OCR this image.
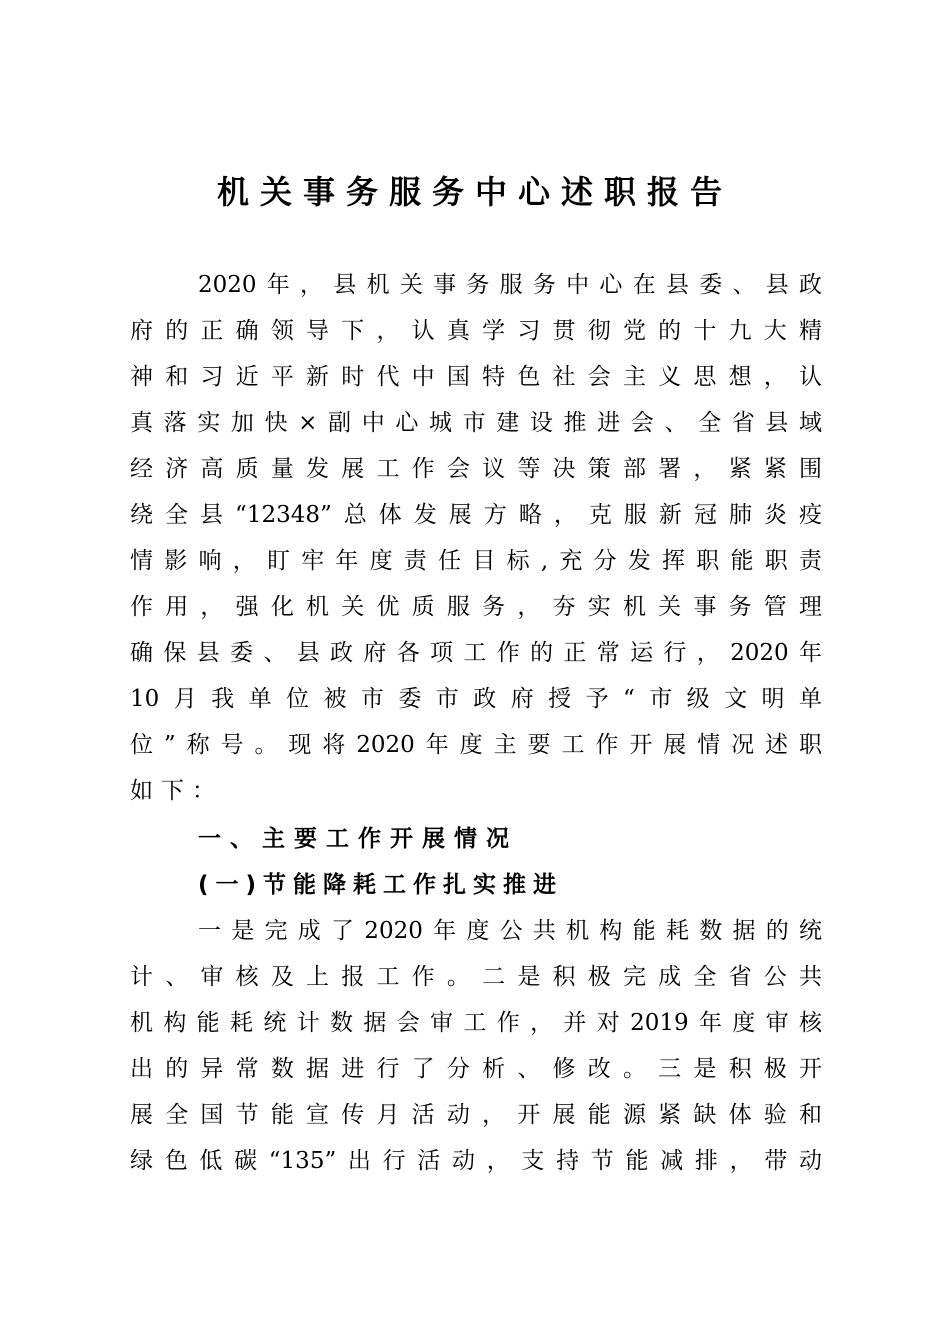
机关事务服务中心述职报告
2020年，县机关事务服务中心在县委、县政
府的正确领导下，认真学习贯彻党的十九大精
神和习近平新时代中国特色社会主义思想，认
真落实加快×副中心城市建设推进会、全省县域
经济高质量发展工作会议等决策部署，紧紧围
绕全县“12348”总体发展方略，克服新冠肺炎疫
情影响，盯牢年度责任目标,充分发挥职能职责
作用，强化机关优质服务，夯实机关事务管理
确保县委、县政府各项工作的正常运行，2020年
10月我单位被市委市政府授予“市级文明单
位”称号。现将2020年度主要工作开展情况述职
如下：
一、主要工作开展情况
(一)节能降耗工作扎实推进
一是完成了2020年度公共机构能耗数据的统
计、审核及上报工作。二是积极完成全省公共
机构能耗统计数据会审工作，并对2019年度审核
出的异常数据进行了分析、修改。三是积极开
展全国节能宣传月活动，开展能源紧缺体验和
绿色低碳“135”出行活动，支持节能减排，带动
